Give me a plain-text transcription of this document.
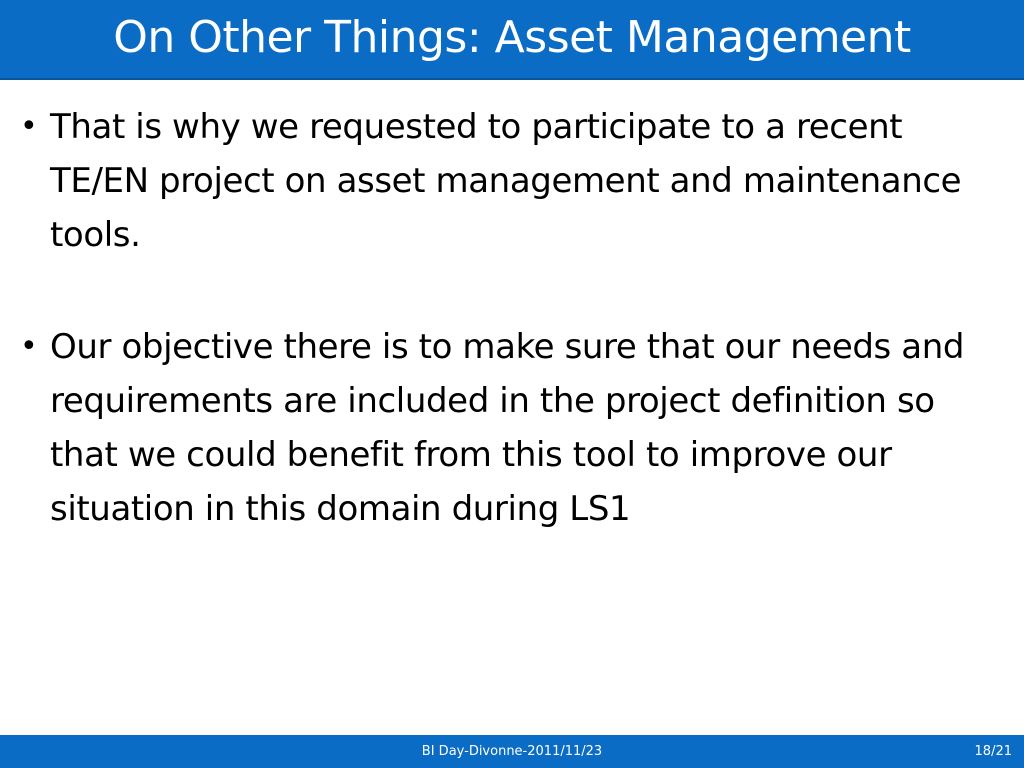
On Other Things: Asset Management
• That is why we requested to participate to a recent TE/EN project on asset management and maintenance tools.
• Our objective there is to make sure that our needs and requirements are included in the project definition so that we could benefit from this tool to improve our situation in this domain during LS1
BI Day-Divonne-2011/11/23	18/21
